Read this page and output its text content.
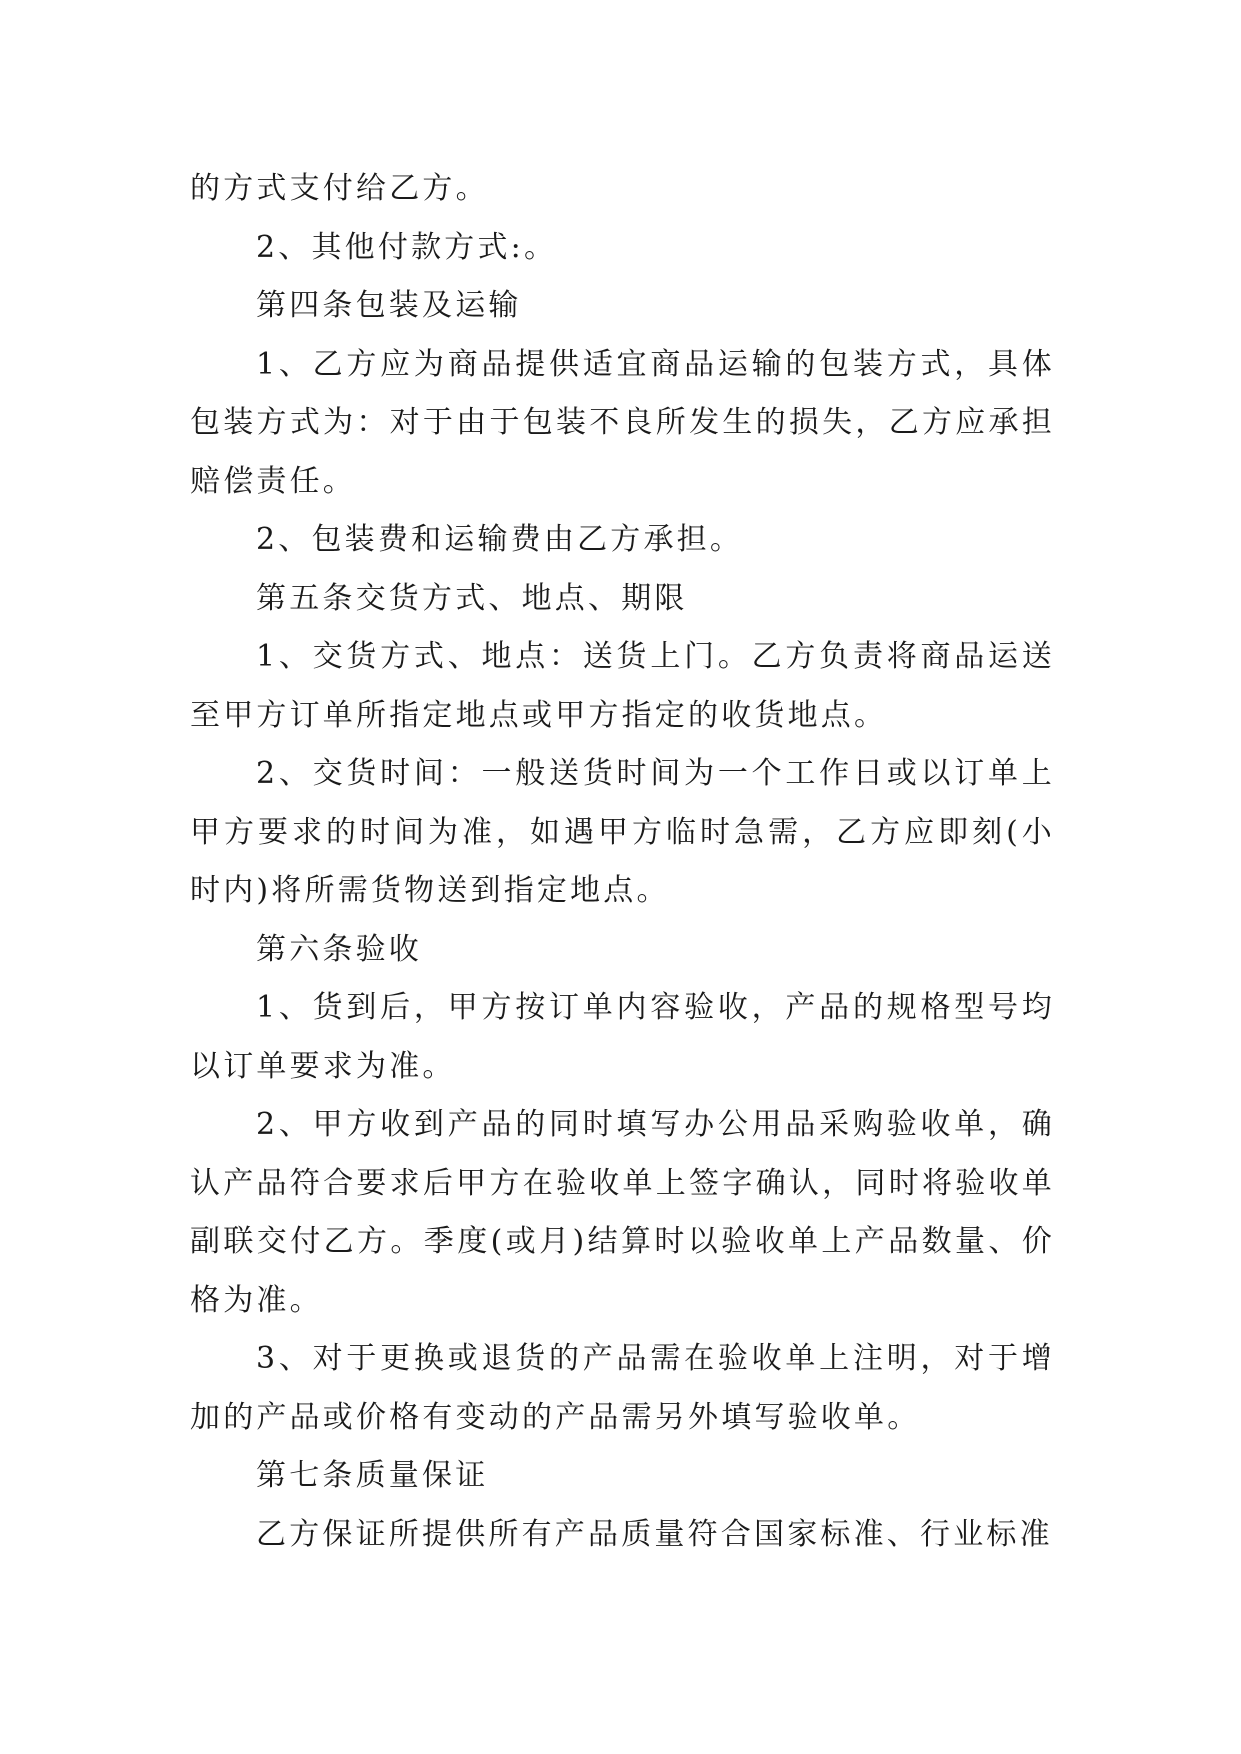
的方式支付给乙方。

2、其他付款方式:。

第四条包装及运输

1、乙方应为商品提供适宜商品运输的包装方式，具体包装方式为：对于由于包装不良所发生的损失，乙方应承担赔偿责任。

2、包装费和运输费由乙方承担。

第五条交货方式、地点、期限

1、交货方式、地点：送货上门。乙方负责将商品运送至甲方订单所指定地点或甲方指定的收货地点。

2、交货时间：一般送货时间为一个工作日或以订单上甲方要求的时间为准，如遇甲方临时急需，乙方应即刻(小时内)将所需货物送到指定地点。

第六条验收

1、货到后，甲方按订单内容验收，产品的规格型号均以订单要求为准。

2、甲方收到产品的同时填写办公用品采购验收单，确认产品符合要求后甲方在验收单上签字确认，同时将验收单副联交付乙方。季度(或月)结算时以验收单上产品数量、价格为准。

3、对于更换或退货的产品需在验收单上注明，对于增加的产品或价格有变动的产品需另外填写验收单。

第七条质量保证

乙方保证所提供所有产品质量符合国家标准、行业标准
